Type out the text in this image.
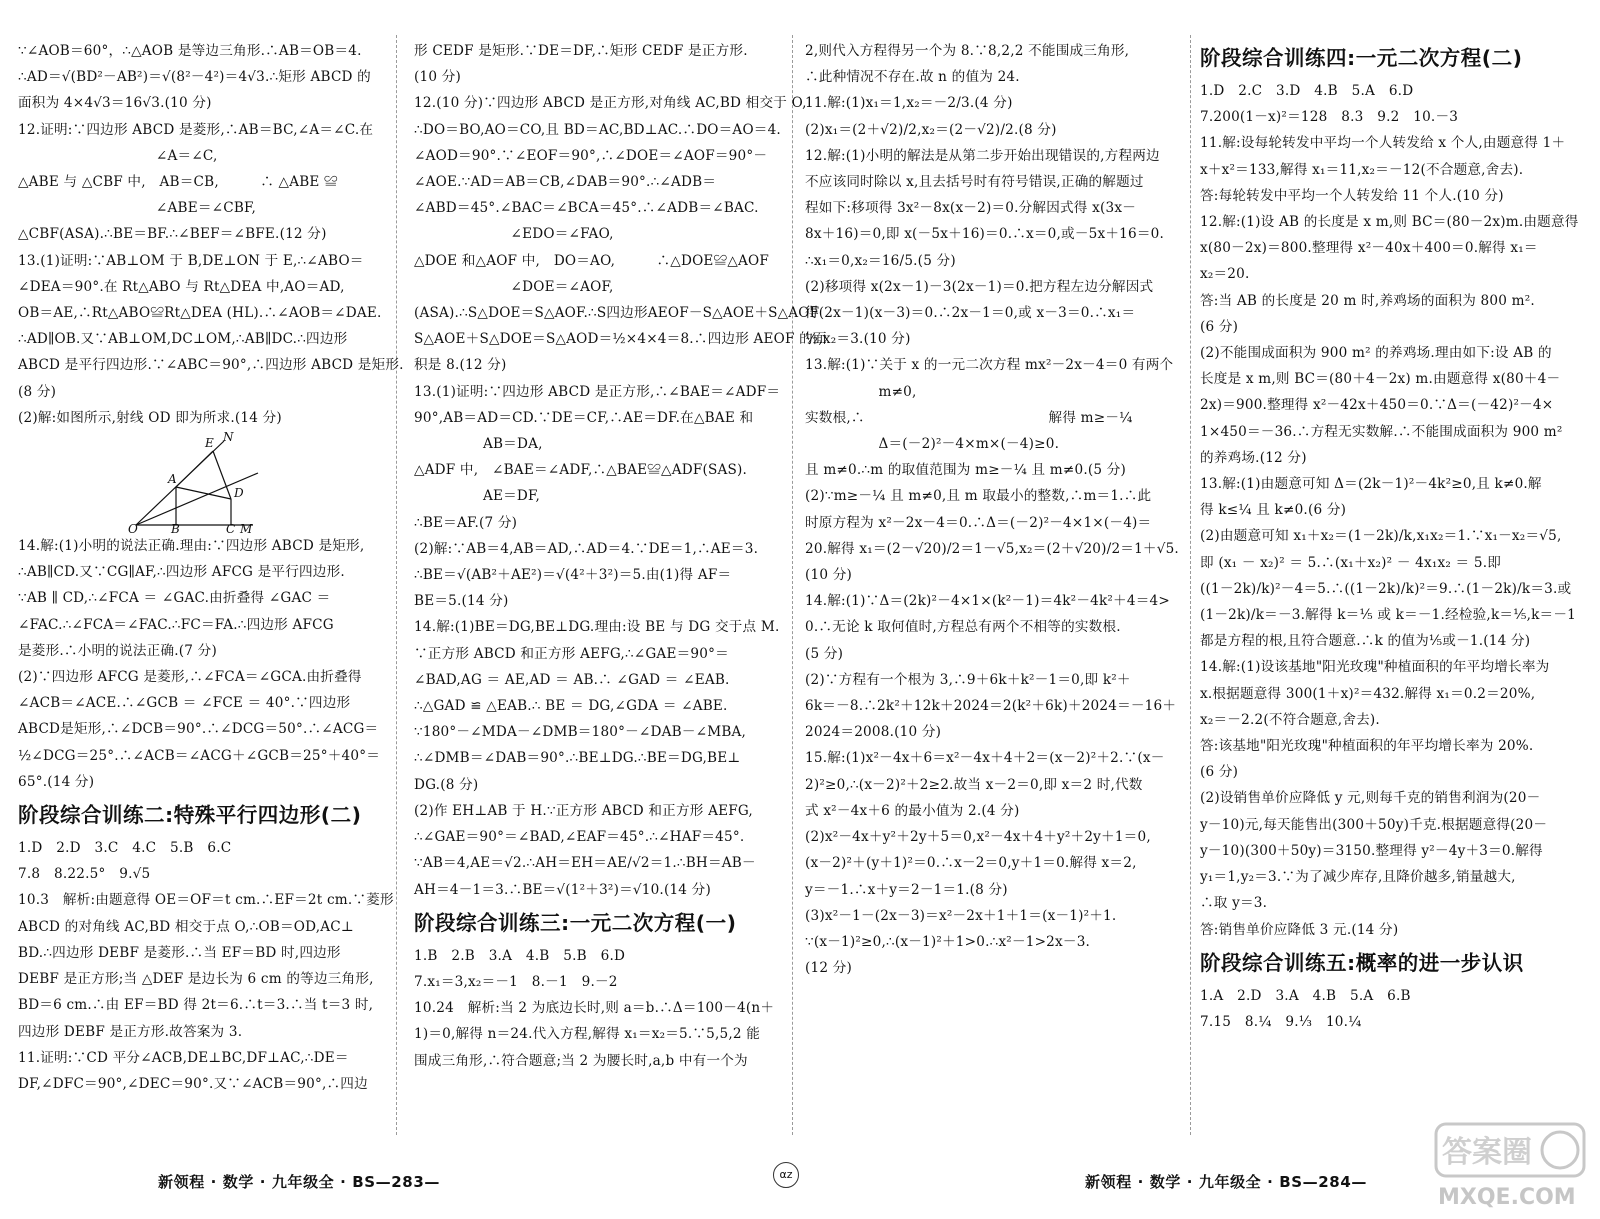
∵∠AOB＝60°，∴△AOB 是等边三角形.∴AB＝OB＝4.
∴AD＝√(BD²－AB²)＝√(8²－4²)＝4√3.∴矩形 ABCD 的
面积为 4×4√3＝16√3.(10 分)
12.证明:∵四边形 ABCD 是菱形,∴AB＝BC,∠A＝∠C.在
　　　　　　　　　　∠A＝∠C,
△ABE 与 △CBF 中,　AB＝CB,　　　∴ △ABE ≌
　　　　　　　　　　∠ABE＝∠CBF,
△CBF(ASA).∴BE＝BF.∴∠BEF＝∠BFE.(12 分)
13.(1)证明:∵AB⊥OM 于 B,DE⊥ON 于 E,∴∠ABO＝
∠DEA＝90°.在 Rt△ABO 与 Rt△DEA 中,AO＝AD,
OB＝AE,∴Rt△ABO≌Rt△DEA (HL).∴∠AOB＝∠DAE.
∴AD∥OB.又∵AB⊥OM,DC⊥OM,∴AB∥DC.∴四边形
ABCD 是平行四边形.∵∠ABC＝90°,∴四边形 ABCD 是矩形.
(8 分)
(2)解:如图所示,射线 OD 即为所求.(14 分)
E N
A
D
O	B	C M
14.解:(1)小明的说法正确.理由:∵四边形 ABCD 是矩形,
∴AB∥CD.又∵CG∥AF,∴四边形 AFCG 是平行四边形.
∵AB ∥ CD,∴∠FCA ＝ ∠GAC.由折叠得 ∠GAC ＝
∠FAC.∴∠FCA＝∠FAC.∴FC＝FA.∴四边形 AFCG
是菱形.∴小明的说法正确.(7 分)
(2)∵四边形 AFCG 是菱形,∴∠FCA＝∠GCA.由折叠得
∠ACB＝∠ACE.∴∠GCB ＝ ∠FCE ＝ 40°.∵四边形
ABCD是矩形,∴∠DCB＝90°.∴∠DCG＝50°.∴∠ACG＝
½∠DCG＝25°.∴∠ACB＝∠ACG＋∠GCB＝25°＋40°＝
65°.(14 分)
阶段综合训练二:特殊平行四边形(二)
1.D　2.D　3.C　4.C　5.B　6.C
7.8　8.22.5°　9.√5
10.3　解析:由题意得 OE＝OF＝t cm.∴EF＝2t cm.∵菱形
ABCD 的对角线 AC,BD 相交于点 O,∴OB＝OD,AC⊥
BD.∴四边形 DEBF 是菱形.∴当 EF＝BD 时,四边形
DEBF 是正方形;当 △DEF 是边长为 6 cm 的等边三角形,
BD＝6 cm.∴由 EF＝BD 得 2t＝6.∴t＝3.∴当 t＝3 时,
四边形 DEBF 是正方形.故答案为 3.
11.证明:∵CD 平分∠ACB,DE⊥BC,DF⊥AC,∴DE＝
DF,∠DFC＝90°,∠DEC＝90°.又∵∠ACB＝90°,∴四边
形 CEDF 是矩形.∵DE＝DF,∴矩形 CEDF 是正方形.
(10 分)
12.(10 分)∵四边形 ABCD 是正方形,对角线 AC,BD 相交于 O,
∴DO＝BO,AO＝CO,且 BD＝AC,BD⊥AC.∴DO＝AO＝4.
∠AOD＝90°.∵∠EOF＝90°,∴∠DOE＝∠AOF＝90°－
∠AOE.∵AD＝AB＝CB,∠DAB＝90°.∴∠ADB＝
∠ABD＝45°.∠BAC＝∠BCA＝45°.∴∠ADB＝∠BAC.
　　　　　　　∠EDO＝∠FAO,
△DOE 和△AOF 中,　DO＝AO,　　　∴△DOE≌△AOF
　　　　　　　∠DOE＝∠AOF,
(ASA).∴S△DOE＝S△AOF.∴S四边形AEOF－S△AOE＋S△AOF
S△AOE＋S△DOE＝S△AOD＝½×4×4＝8.∴四边形 AEOF 的面
积是 8.(12 分)
13.(1)证明:∵四边形 ABCD 是正方形,∴∠BAE＝∠ADF＝
90°,AB＝AD＝CD.∵DE＝CF,∴AE＝DF.在△BAE 和
　　　　　AB＝DA,
△ADF 中,　∠BAE＝∠ADF,∴△BAE≌△ADF(SAS).
　　　　　AE＝DF,
∴BE＝AF.(7 分)
(2)解:∵AB＝4,AB＝AD,∴AD＝4.∵DE＝1,∴AE＝3.
∴BE＝√(AB²＋AE²)＝√(4²＋3²)＝5.由(1)得 AF＝
BE＝5.(14 分)
14.解:(1)BE＝DG,BE⊥DG.理由:设 BE 与 DG 交于点 M.
∵正方形 ABCD 和正方形 AEFG,∴∠GAE＝90°＝
∠BAD,AG ＝ AE,AD ＝ AB.∴ ∠GAD ＝ ∠EAB.
∴△GAD ≌ △EAB.∴ BE ＝ DG,∠GDA ＝ ∠ABE.
∵180°－∠MDA－∠DMB＝180°－∠DAB－∠MBA,
∴∠DMB＝∠DAB＝90°.∴BE⊥DG.∴BE＝DG,BE⊥
DG.(8 分)
(2)作 EH⊥AB 于 H.∵正方形 ABCD 和正方形 AEFG,
∴∠GAE＝90°＝∠BAD,∠EAF＝45°.∴∠HAF＝45°.
∵AB＝4,AE＝√2.∴AH＝EH＝AE/√2＝1.∴BH＝AB－
AH＝4－1＝3.∴BE＝√(1²＋3²)＝√10.(14 分)
阶段综合训练三:一元二次方程(一)
1.B　2.B　3.A　4.B　5.B　6.D
7.x₁＝3,x₂＝－1　8.－1　9.－2
10.24　解析:当 2 为底边长时,则 a＝b.∴Δ＝100－4(n＋
1)＝0,解得 n＝24.代入方程,解得 x₁＝x₂＝5.∵5,5,2 能
围成三角形,∴符合题意;当 2 为腰长时,a,b 中有一个为
2,则代入方程得另一个为 8.∵8,2,2 不能围成三角形,
∴此种情况不存在.故 n 的值为 24.
11.解:(1)x₁＝1,x₂＝－2/3.(4 分)
(2)x₁＝(2＋√2)/2,x₂＝(2－√2)/2.(8 分)
12.解:(1)小明的解法是从第二步开始出现错误的,方程两边
不应该同时除以 x,且去括号时有符号错误,正确的解题过
程如下:移项得 3x²－8x(x－2)＝0.分解因式得 x(3x－
8x＋16)＝0,即 x(－5x＋16)＝0.∴x＝0,或－5x＋16＝0.
∴x₁＝0,x₂＝16/5.(5 分)
(2)移项得 x(2x－1)－3(2x－1)＝0.把方程左边分解因式
得(2x－1)(x－3)＝0.∴2x－1＝0,或 x－3＝0.∴x₁＝
½,x₂＝3.(10 分)
13.解:(1)∵关于 x 的一元二次方程 mx²－2x－4＝0 有两个
　　　　　 m≠0,
实数根,∴　　　　　　　　　　　　　 解得 m≥－¼
　　　　　 Δ＝(－2)²－4×m×(－4)≥0.
且 m≠0.∴m 的取值范围为 m≥－¼ 且 m≠0.(5 分)
(2)∵m≥－¼ 且 m≠0,且 m 取最小的整数,∴m＝1.∴此
时原方程为 x²－2x－4＝0.∴Δ＝(－2)²－4×1×(－4)＝
20.解得 x₁＝(2－√20)/2＝1－√5,x₂＝(2＋√20)/2＝1＋√5.
(10 分)
14.解:(1)∵Δ＝(2k)²－4×1×(k²－1)＝4k²－4k²＋4＝4>
0.∴无论 k 取何值时,方程总有两个不相等的实数根.
(5 分)
(2)∵方程有一个根为 3,∴9＋6k＋k²－1＝0,即 k²＋
6k＝－8.∴2k²＋12k＋2024＝2(k²＋6k)＋2024＝－16＋
2024＝2008.(10 分)
15.解:(1)x²－4x＋6＝x²－4x＋4＋2＝(x－2)²＋2.∵(x－
2)²≥0,∴(x－2)²＋2≥2.故当 x－2＝0,即 x＝2 时,代数
式 x²－4x＋6 的最小值为 2.(4 分)
(2)x²－4x＋y²＋2y＋5＝0,x²－4x＋4＋y²＋2y＋1＝0,
(x－2)²＋(y＋1)²＝0.∴x－2＝0,y＋1＝0.解得 x＝2,
y＝－1.∴x＋y＝2－1＝1.(8 分)
(3)x²－1－(2x－3)＝x²－2x＋1＋1＝(x－1)²＋1.
∵(x－1)²≥0,∴(x－1)²＋1>0.∴x²－1>2x－3.
(12 分)
阶段综合训练四:一元二次方程(二)
1.D　2.C　3.D　4.B　5.A　6.D
7.200(1－x)²＝128　8.3　9.2　10.－3
11.解:设每轮转发中平均一个人转发给 x 个人,由题意得 1＋
x＋x²＝133,解得 x₁＝11,x₂＝－12(不合题意,舍去).
答:每轮转发中平均一个人转发给 11 个人.(10 分)
12.解:(1)设 AB 的长度是 x m,则 BC＝(80－2x)m.由题意得
x(80－2x)＝800.整理得 x²－40x＋400＝0.解得 x₁＝
x₂＝20.
答:当 AB 的长度是 20 m 时,养鸡场的面积为 800 m².
(6 分)
(2)不能围成面积为 900 m² 的养鸡场.理由如下:设 AB 的
长度是 x m,则 BC＝(80＋4－2x) m.由题意得 x(80＋4－
2x)＝900.整理得 x²－42x＋450＝0.∵Δ＝(－42)²－4×
1×450＝－36.∴方程无实数解.∴不能围成面积为 900 m²
的养鸡场.(12 分)
13.解:(1)由题意可知 Δ＝(2k－1)²－4k²≥0,且 k≠0.解
得 k≤¼ 且 k≠0.(6 分)
(2)由题意可知 x₁＋x₂＝(1－2k)/k,x₁x₂＝1.∵x₁－x₂＝√5,
即 (x₁ － x₂)² ＝ 5.∴(x₁＋x₂)² － 4x₁x₂ ＝ 5.即
((1－2k)/k)²－4＝5.∴((1－2k)/k)²＝9.∴(1－2k)/k＝3.或
(1－2k)/k＝－3.解得 k＝⅕ 或 k＝－1.经检验,k＝⅕,k＝－1
都是方程的根,且符合题意.∴k 的值为⅕或－1.(14 分)
14.解:(1)设该基地"阳光玫瑰"种植面积的年平均增长率为
x.根据题意得 300(1＋x)²＝432.解得 x₁＝0.2＝20%,
x₂＝－2.2(不符合题意,舍去).
答:该基地"阳光玫瑰"种植面积的年平均增长率为 20%.
(6 分)
(2)设销售单价应降低 y 元,则每千克的销售利润为(20－
y－10)元,每天能售出(300＋50y)千克.根据题意得(20－
y－10)(300＋50y)＝3150.整理得 y²－4y＋3＝0.解得
y₁＝1,y₂＝3.∵为了减少库存,且降价越多,销量越大,
∴取 y＝3.
答:销售单价应降低 3 元.(14 分)
阶段综合训练五:概率的进一步认识
1.A　2.D　3.A　4.B　5.A　6.B
7.15　8.¼　9.⅓　10.¼
新领程 · 数学 · 九年级全 · BS—283—	αz	新领程 · 数学 · 九年级全 · BS—284—
答案圈
MXQE.COM
